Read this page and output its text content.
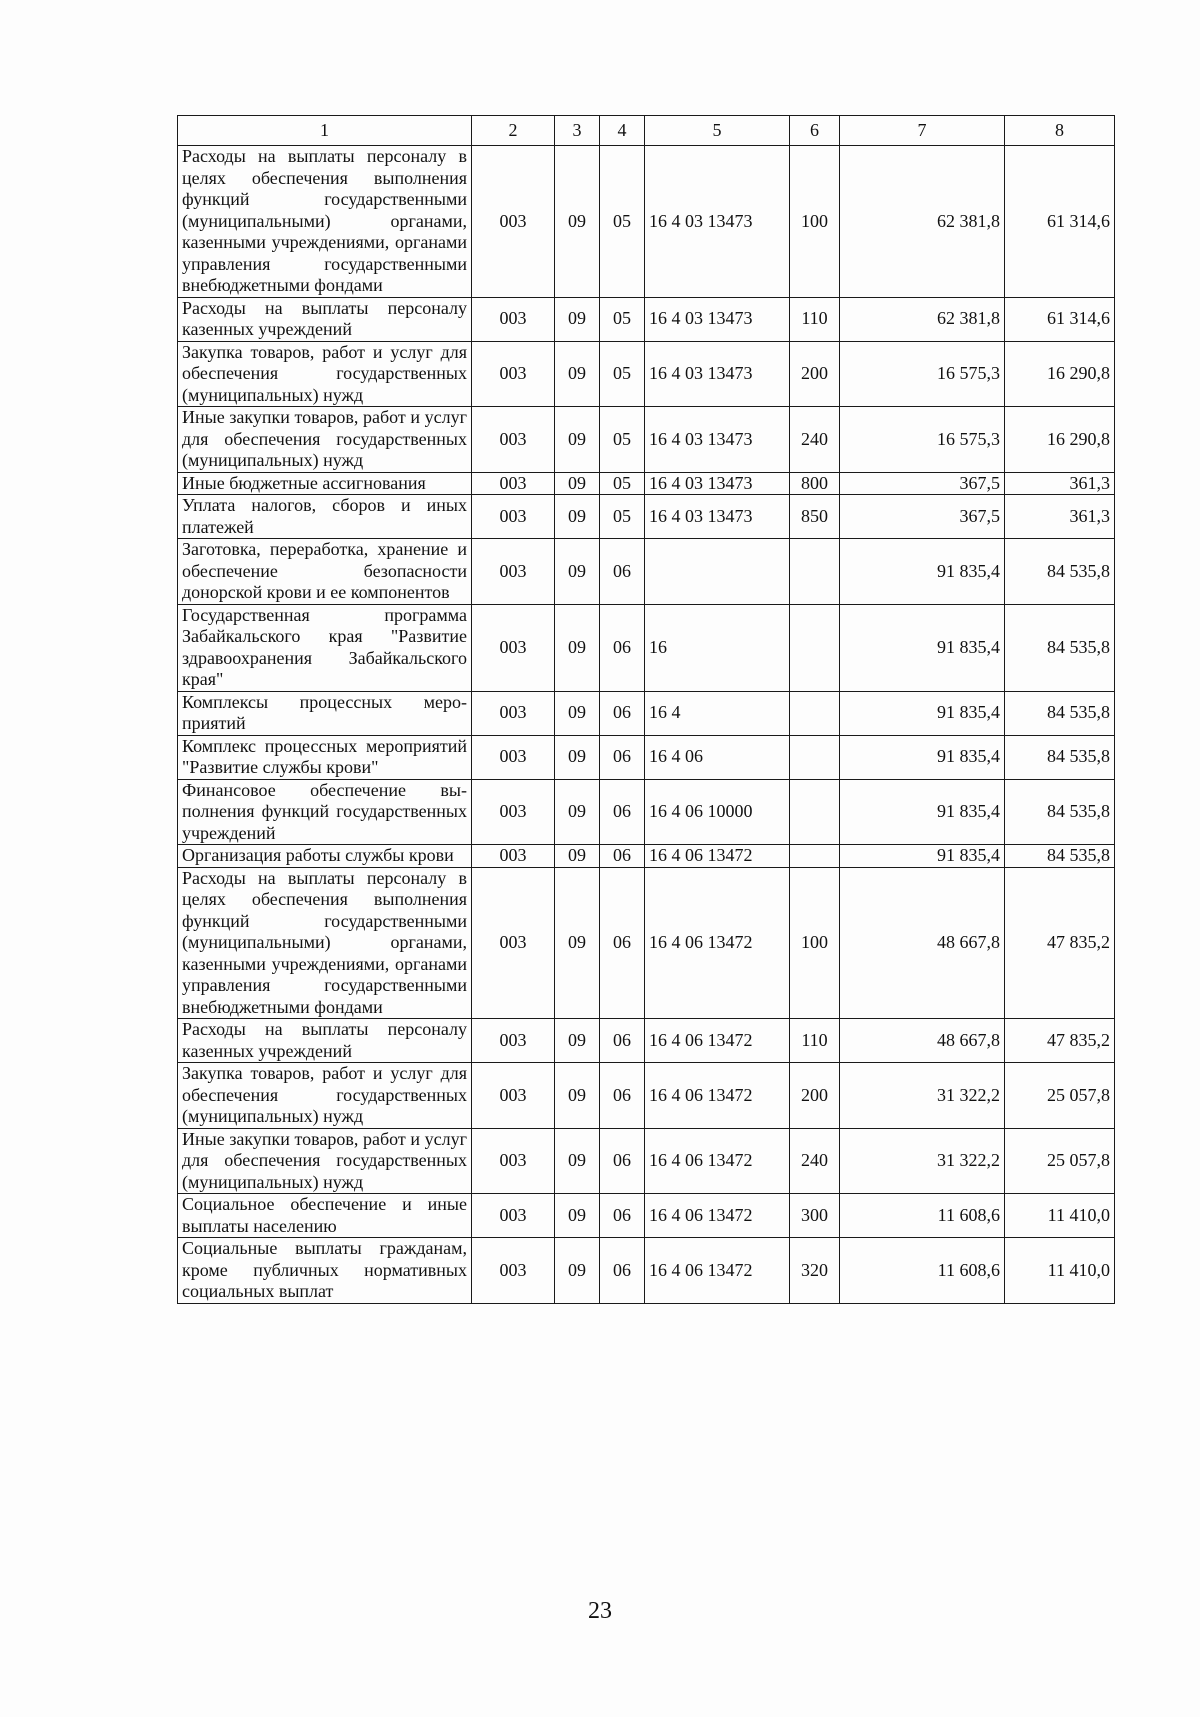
1	2	3	4	5	6	7	8
Расходы на выплаты персоналу в целях обеспечения выполнения функций государственными (муниципальными) органами, казенными учреждениями, органами управления государственными внебюджетными фондами	003	09	05	16 4 03 13473	100	62 381,8	61 314,6
Расходы на выплаты персоналу казенных учреждений	003	09	05	16 4 03 13473	110	62 381,8	61 314,6
Закупка товаров, работ и услуг для обеспечения государственных (муниципальных) нужд	003	09	05	16 4 03 13473	200	16 575,3	16 290,8
Иные закупки товаров, работ и услуг для обеспечения государственных (муниципальных) нужд	003	09	05	16 4 03 13473	240	16 575,3	16 290,8
Иные бюджетные ассигнования	003	09	05	16 4 03 13473	800	367,5	361,3
Уплата налогов, сборов и иных платежей	003	09	05	16 4 03 13473	850	367,5	361,3
Заготовка, переработка, хранение и обеспечение безопасности донорской крови и ее компонентов	003	09	06			91 835,4	84 535,8
Государственная программа Забайкальского края "Развитие здравоохранения Забайкальского края"	003	09	06	16		91 835,4	84 535,8
Комплексы процессных мероприятий	003	09	06	16 4		91 835,4	84 535,8
Комплекс процессных мероприятий "Развитие службы крови"	003	09	06	16 4 06		91 835,4	84 535,8
Финансовое обеспечение выполнения функций государственных учреждений	003	09	06	16 4 06 10000		91 835,4	84 535,8
Организация работы службы крови	003	09	06	16 4 06 13472		91 835,4	84 535,8
Расходы на выплаты персоналу в целях обеспечения выполнения функций государственными (муниципальными) органами, казенными учреждениями, органами управления государственными внебюджетными фондами	003	09	06	16 4 06 13472	100	48 667,8	47 835,2
Расходы на выплаты персоналу казенных учреждений	003	09	06	16 4 06 13472	110	48 667,8	47 835,2
Закупка товаров, работ и услуг для обеспечения государственных (муниципальных) нужд	003	09	06	16 4 06 13472	200	31 322,2	25 057,8
Иные закупки товаров, работ и услуг для обеспечения государственных (муниципальных) нужд	003	09	06	16 4 06 13472	240	31 322,2	25 057,8
Социальное обеспечение и иные выплаты населению	003	09	06	16 4 06 13472	300	11 608,6	11 410,0
Социальные выплаты гражданам, кроме публичных нормативных социальных выплат	003	09	06	16 4 06 13472	320	11 608,6	11 410,0
23
